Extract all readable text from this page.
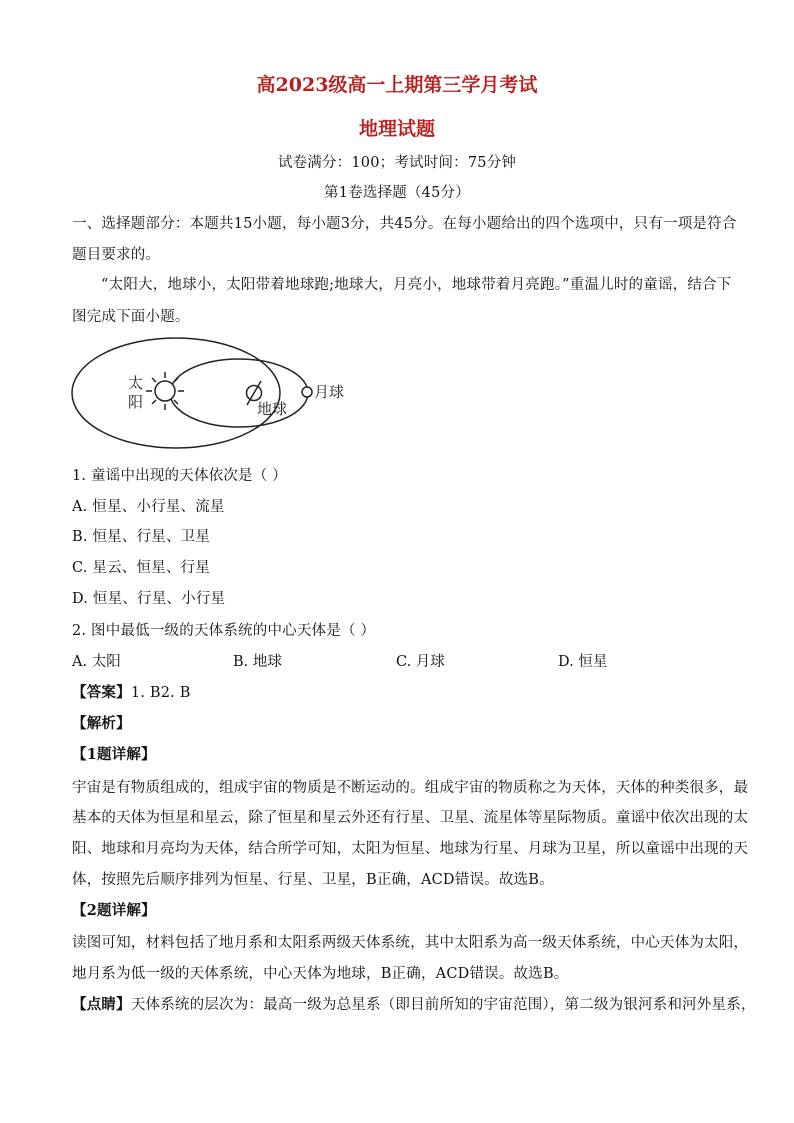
高2023级高一上期第三学月考试
地理试题
试卷满分：100；考试时间：75分钟
第1卷选择题（45分）
一、选择题部分：本题共15小题，每小题3分，共45分。在每小题给出的四个选项中，只有一项是符合
题目要求的。
“太阳大，地球小，太阳带着地球跑;地球大，月亮小，地球带着月亮跑。”重温儿时的童谣，结合下
图完成下面小题。
太
阳	地球
月球
1. 童谣中出现的天体依次是（ ）
A. 恒星、小行星、流星
B. 恒星、行星、卫星
C. 星云、恒星、行星
D. 恒星、行星、小行星
2. 图中最低一级的天体系统的中心天体是（ ）
A. 太阳	B. 地球	C. 月球	D. 恒星
【答案】1. B2. B
【解析】
【1题详解】
宇宙是有物质组成的，组成宇宙的物质是不断运动的。组成宇宙的物质称之为天体，天体的种类很多，最
基本的天体为恒星和星云，除了恒星和星云外还有行星、卫星、流星体等星际物质。童谣中依次出现的太
阳、地球和月亮均为天体，结合所学可知，太阳为恒星、地球为行星、月球为卫星，所以童谣中出现的天
体，按照先后顺序排列为恒星、行星、卫星，B正确，ACD错误。故选B。
【2题详解】
读图可知，材料包括了地月系和太阳系两级天体系统，其中太阳系为高一级天体系统，中心天体为太阳，
地月系为低一级的天体系统，中心天体为地球，B正确，ACD错误。故选B。
【点睛】天体系统的层次为：最高一级为总星系（即目前所知的宇宙范围），第二级为银河系和河外星系，
